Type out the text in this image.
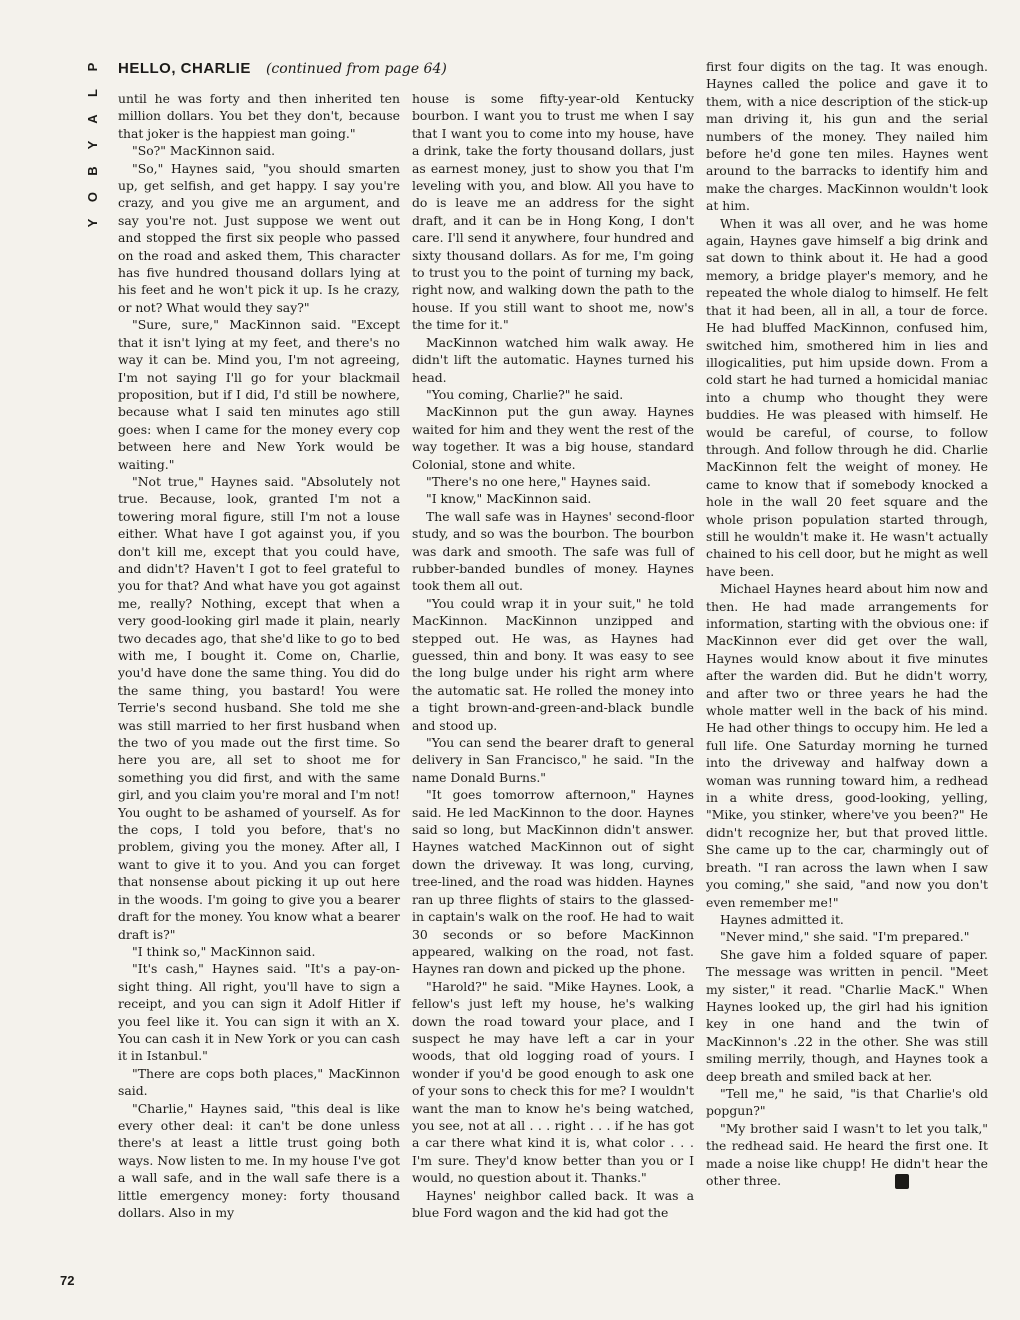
P
L
A
Y
B
O
Y
HELLO, CHARLIE (continued from page 64)

until he was forty and then inherited ten million dollars. You bet they don't, because that joker is the happiest man going."

"So?" MacKinnon said.

"So," Haynes said, "you should smarten up, get selfish, and get happy. I say you're crazy, and you give me an argument, and say you're not. Just suppose we went out and stopped the first six people who passed on the road and asked them, This character has five hundred thousand dollars lying at his feet and he won't pick it up. Is he crazy, or not? What would they say?"

"Sure, sure," MacKinnon said. "Except that it isn't lying at my feet, and there's no way it can be. Mind you, I'm not agreeing, I'm not saying I'll go for your blackmail proposition, but if I did, I'd still be nowhere, because what I said ten minutes ago still goes: when I came for the money every cop between here and New York would be waiting."

"Not true," Haynes said. "Absolutely not true. Because, look, granted I'm not a towering moral figure, still I'm not a louse either. What have I got against you, if you don't kill me, except that you could have, and didn't? Haven't I got to feel grateful to you for that? And what have you got against me, really? Nothing, except that when a very good-looking girl made it plain, nearly two decades ago, that she'd like to go to bed with me, I bought it. Come on, Charlie, you'd have done the same thing. You did do the same thing, you bastard! You were Terrie's second husband. She told me she was still married to her first husband when the two of you made out the first time. So here you are, all set to shoot me for something you did first, and with the same girl, and you claim you're moral and I'm not! You ought to be ashamed of yourself. As for the cops, I told you before, that's no problem, giving you the money. After all, I want to give it to you. And you can forget that nonsense about picking it up out here in the woods. I'm going to give you a bearer draft for the money. You know what a bearer draft is?"

"I think so," MacKinnon said.

"It's cash," Haynes said. "It's a pay-on-sight thing. All right, you'll have to sign a receipt, and you can sign it Adolf Hitler if you feel like it. You can sign it with an X. You can cash it in New York or you can cash it in Istanbul."

"There are cops both places," MacKinnon said.

"Charlie," Haynes said, "this deal is like every other deal: it can't be done unless there's at least a little trust going both ways. Now listen to me. In my house I've got a wall safe, and in the wall safe there is a little emergency money: forty thousand dollars. Also in my

house is some fifty-year-old Kentucky bourbon. I want you to trust me when I say that I want you to come into my house, have a drink, take the forty thousand dollars, just as earnest money, just to show you that I'm leveling with you, and blow. All you have to do is leave me an address for the sight draft, and it can be in Hong Kong, I don't care. I'll send it anywhere, four hundred and sixty thousand dollars. As for me, I'm going to trust you to the point of turning my back, right now, and walking down the path to the house. If you still want to shoot me, now's the time for it."

MacKinnon watched him walk away. He didn't lift the automatic. Haynes turned his head.

"You coming, Charlie?" he said.

MacKinnon put the gun away. Haynes waited for him and they went the rest of the way together. It was a big house, standard Colonial, stone and white.

"There's no one here," Haynes said.

"I know," MacKinnon said.

The wall safe was in Haynes' second-floor study, and so was the bourbon. The bourbon was dark and smooth. The safe was full of rubber-banded bundles of money. Haynes took them all out.

"You could wrap it in your suit," he told MacKinnon. MacKinnon unzipped and stepped out. He was, as Haynes had guessed, thin and bony. It was easy to see the long bulge under his right arm where the automatic sat. He rolled the money into a tight brown-and-green-and-black bundle and stood up.

"You can send the bearer draft to general delivery in San Francisco," he said. "In the name Donald Burns."

"It goes tomorrow afternoon," Haynes said. He led MacKinnon to the door. Haynes said so long, but MacKinnon didn't answer. Haynes watched MacKinnon out of sight down the driveway. It was long, curving, tree-lined, and the road was hidden. Haynes ran up three flights of stairs to the glassed-in captain's walk on the roof. He had to wait 30 seconds or so before MacKinnon appeared, walking on the road, not fast. Haynes ran down and picked up the phone.

"Harold?" he said. "Mike Haynes. Look, a fellow's just left my house, he's walking down the road toward your place, and I suspect he may have left a car in your woods, that old logging road of yours. I wonder if you'd be good enough to ask one of your sons to check this for me? I wouldn't want the man to know he's being watched, you see, not at all . . . right . . . if he has got a car there what kind it is, what color . . . I'm sure. They'd know better than you or I would, no question about it. Thanks."

Haynes' neighbor called back. It was a blue Ford wagon and the kid had got the

first four digits on the tag. It was enough. Haynes called the police and gave it to them, with a nice description of the stick-up man driving it, his gun and the serial numbers of the money. They nailed him before he'd gone ten miles. Haynes went around to the barracks to identify him and make the charges. MacKinnon wouldn't look at him.

When it was all over, and he was home again, Haynes gave himself a big drink and sat down to think about it. He had a good memory, a bridge player's memory, and he repeated the whole dialog to himself. He felt that it had been, all in all, a tour de force. He had bluffed MacKinnon, confused him, switched him, smothered him in lies and illogicalities, put him upside down. From a cold start he had turned a homicidal maniac into a chump who thought they were buddies. He was pleased with himself. He would be careful, of course, to follow through. And follow through he did. Charlie MacKinnon felt the weight of money. He came to know that if somebody knocked a hole in the wall 20 feet square and the whole prison population started through, still he wouldn't make it. He wasn't actually chained to his cell door, but he might as well have been.

Michael Haynes heard about him now and then. He had made arrangements for information, starting with the obvious one: if MacKinnon ever did get over the wall, Haynes would know about it five minutes after the warden did. But he didn't worry, and after two or three years he had the whole matter well in the back of his mind. He had other things to occupy him. He led a full life. One Saturday morning he turned into the driveway and halfway down a woman was running toward him, a redhead in a white dress, good-looking, yelling, "Mike, you stinker, where've you been?" He didn't recognize her, but that proved little. She came up to the car, charmingly out of breath. "I ran across the lawn when I saw you coming," she said, "and now you don't even remember me!"

Haynes admitted it.

"Never mind," she said. "I'm prepared."

She gave him a folded square of paper. The message was written in pencil. "Meet my sister," it read. "Charlie MacK." When Haynes looked up, the girl had his ignition key in one hand and the twin of MacKinnon's .22 in the other. She was still smiling merrily, though, and Haynes took a deep breath and smiled back at her.

"Tell me," he said, "is that Charlie's old popgun?"

"My brother said I wasn't to let you talk," the redhead said. He heard the first one. It made a noise like chupp! He didn't hear the other three.	♣

72
